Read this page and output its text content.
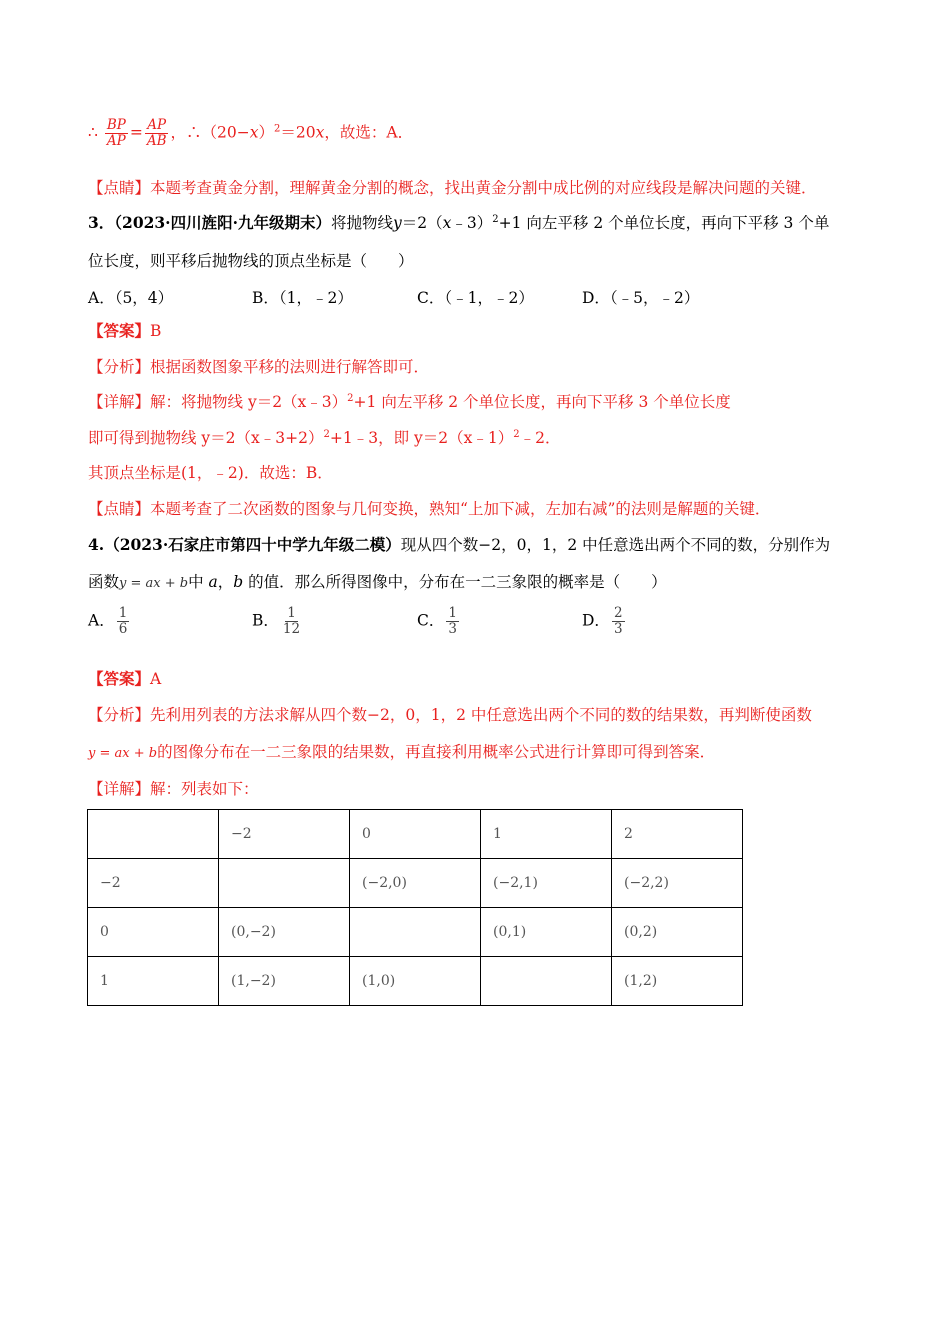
∴ $\frac{BP}{AP} = \frac{AP}{AB}$ ，$\therefore(20-x)^2=20x$，故选：A．
【点睛】本题考查黄金分割，理解黄金分割的概念，找出黄金分割中成比例的对应线段是解决问题的关键．
3．（2023·四川旌阳·九年级期末）将抛物线y＝2（x﹣3）$^2$+1 向左平移 2 个单位长度，再向下平移 3 个单
位长度，则平移后抛物线的顶点坐标是（　　）
A．（5，4）	B．（1，﹣2）	C．（﹣1，﹣2）	D．（﹣5，﹣2）
【答案】B
【分析】根据函数图象平移的法则进行解答即可．
【详解】解：将抛物线 y＝2（x﹣3）$^2$+1 向左平移 2 个单位长度，再向下平移 3 个单位长度
即可得到抛物线 y＝2（x﹣3+2）$^2$+1﹣3，即 y＝2（x﹣1）$^2$﹣2．
其顶点坐标是(1，﹣2)．故选：B．
【点睛】本题考查了二次函数的图象与几何变换，熟知“上加下减，左加右减”的法则是解题的关键．
4.（2023·石家庄市第四十中学九年级二模）现从四个数−2，0，1，2 中任意选出两个不同的数，分别作为
函数y = ax + b中 a，b 的值．那么所得图像中，分布在一二三象限的概率是（　　）
A． $\frac{1}{6}$	B． $\frac{1}{12}$	C． $\frac{1}{3}$	D． $\frac{2}{3}$
【答案】A
【分析】先利用列表的方法求解从四个数−2，0，1，2 中任意选出两个不同的数的结果数，再判断使函数
y = ax + b的图像分布在一二三象限的结果数，再直接利用概率公式进行计算即可得到答案．
【详解】解：列表如下：
	−2	0	1	2
−2		(−2,0)	(−2,1)	(−2,2)
0	(0,−2)		(0,1)	(0,2)
1	(1,−2)	(1,0)		(1,2)
